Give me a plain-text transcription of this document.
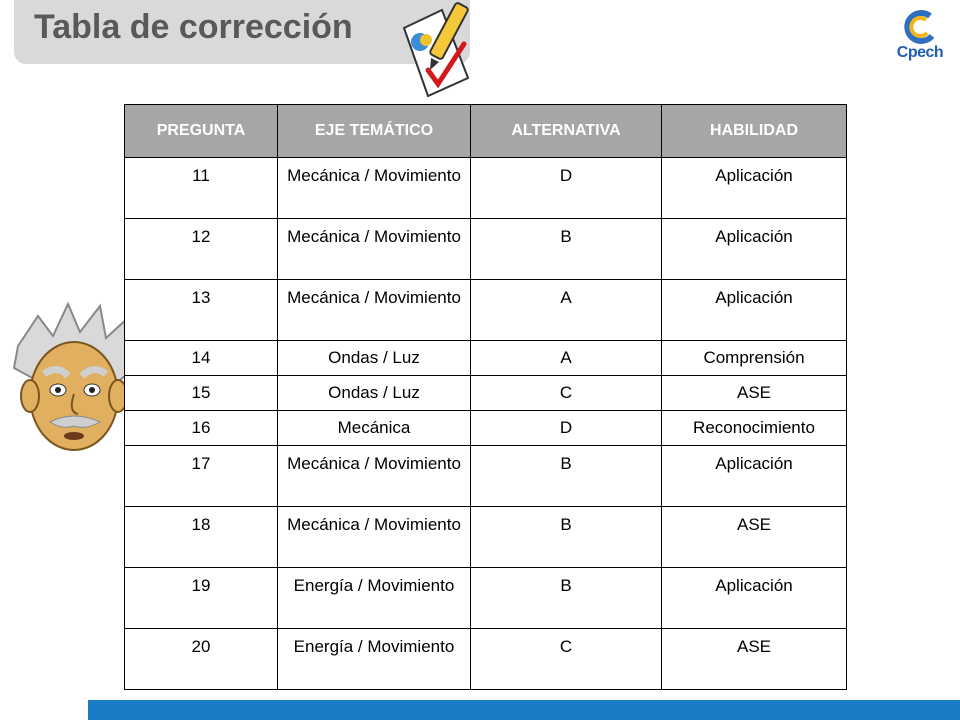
Tabla de corrección
Cpech
PREGUNTA	EJE TEMÁTICO	ALTERNATIVA	HABILIDAD
11	Mecánica / Movimiento	D	Aplicación
12	Mecánica / Movimiento	B	Aplicación
13	Mecánica / Movimiento	A	Aplicación
14	Ondas / Luz	A	Comprensión
15	Ondas / Luz	C	ASE
16	Mecánica	D	Reconocimiento
17	Mecánica / Movimiento	B	Aplicación
18	Mecánica / Movimiento	B	ASE
19	Energía / Movimiento	B	Aplicación
20	Energía / Movimiento	C	ASE
